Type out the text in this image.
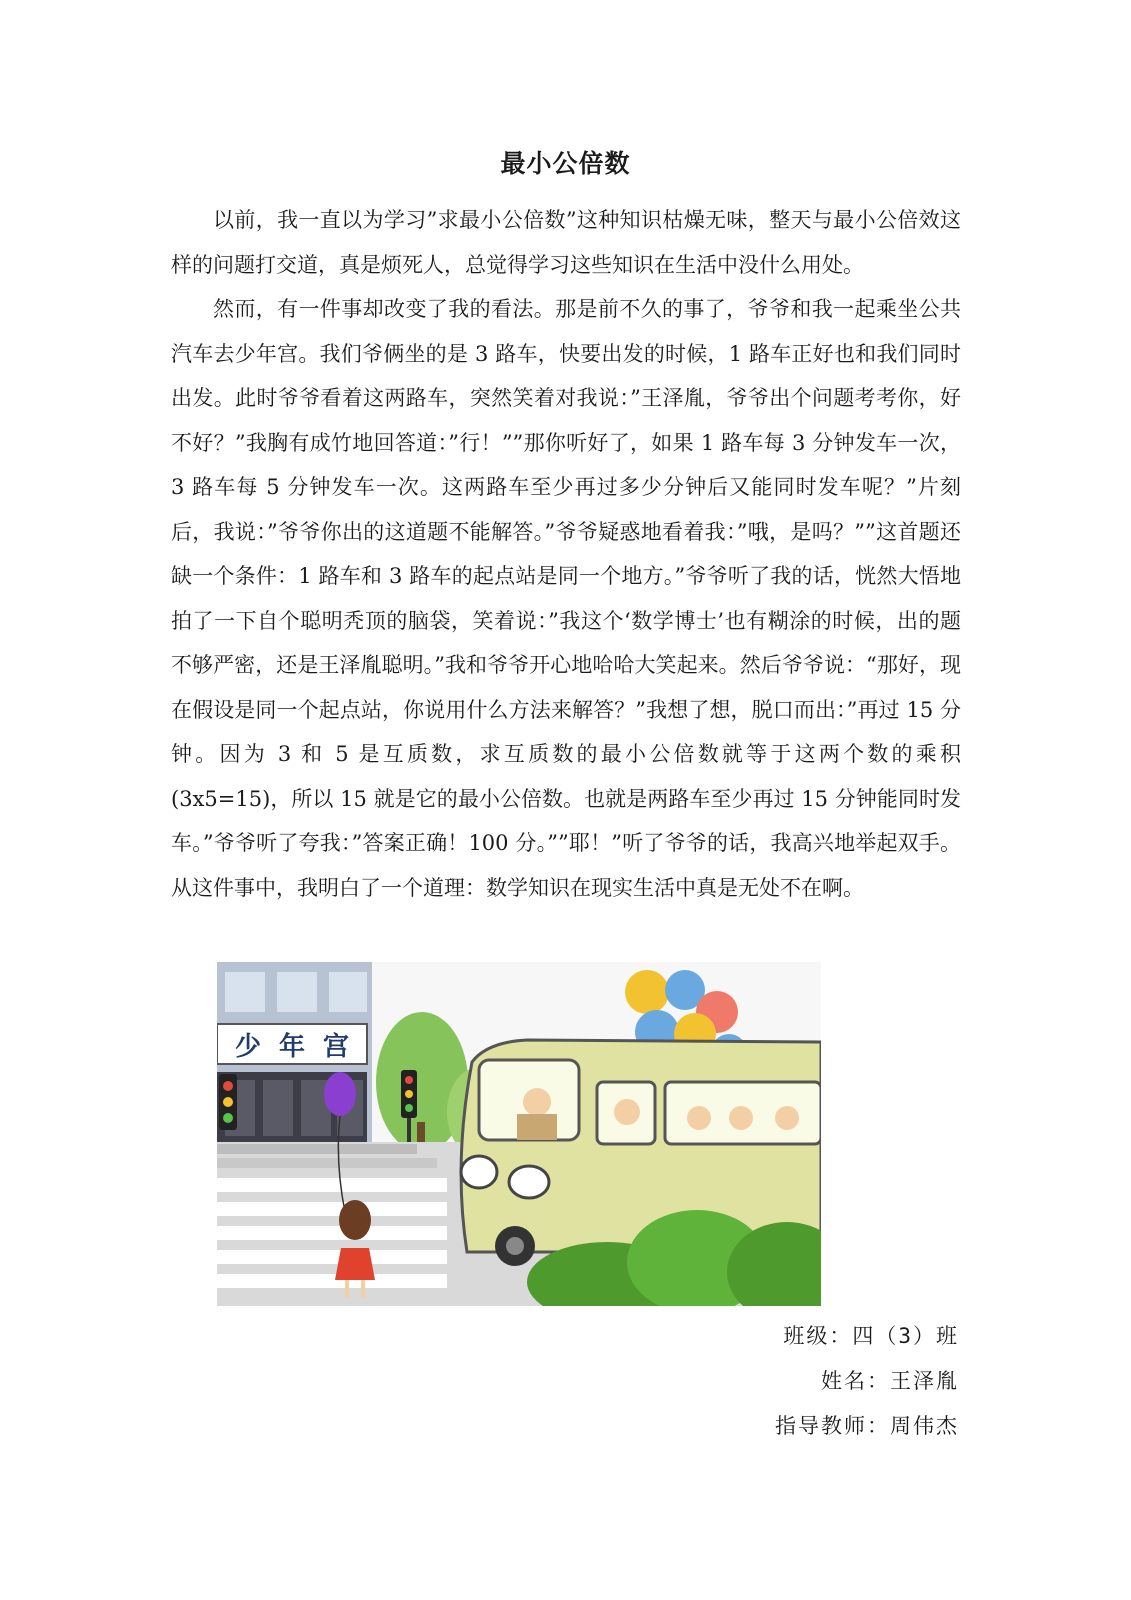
最小公倍数

以前，我一直以为学习”求最小公倍数”这种知识枯燥无味，整天与最小公倍效这样的问题打交道，真是烦死人，总觉得学习这些知识在生活中没什么用处。

然而，有一件事却改变了我的看法。那是前不久的事了，爷爷和我一起乘坐公共汽车去少年宫。我们爷俩坐的是 3 路车，快要出发的时候，1 路车正好也和我们同时出发。此时爷爷看着这两路车，突然笑着对我说：”王泽胤，爷爷出个问题考考你，好不好？”我胸有成竹地回答道：”行！””那你听好了，如果 1 路车每 3 分钟发车一次，3 路车每 5 分钟发车一次。这两路车至少再过多少分钟后又能同时发车呢？”片刻后，我说：”爷爷你出的这道题不能解答。”爷爷疑惑地看着我：”哦，是吗？””这首题还缺一个条件：1 路车和 3 路车的起点站是同一个地方。”爷爷听了我的话，恍然大悟地拍了一下自个聪明秃顶的脑袋，笑着说：”我这个‘数学博士’也有糊涂的时候，出的题不够严密，还是王泽胤聪明。”我和爷爷开心地哈哈大笑起来。然后爷爷说：“那好，现在假设是同一个起点站，你说用什么方法来解答？”我想了想，脱口而出：”再过 15 分钟。因为 3 和 5 是互质数，求互质数的最小公倍数就等于这两个数的乘积(3x5=15)，所以 15 就是它的最小公倍数。也就是两路车至少再过 15 分钟能同时发车。”爷爷听了夸我：”答案正确！100 分。””耶！”听了爷爷的话，我高兴地举起双手。从这件事中，我明白了一个道理：数学知识在现实生活中真是无处不在啊。

少 年 宫
班级：四（3）班
姓名：王泽胤
指导教师：周伟杰
